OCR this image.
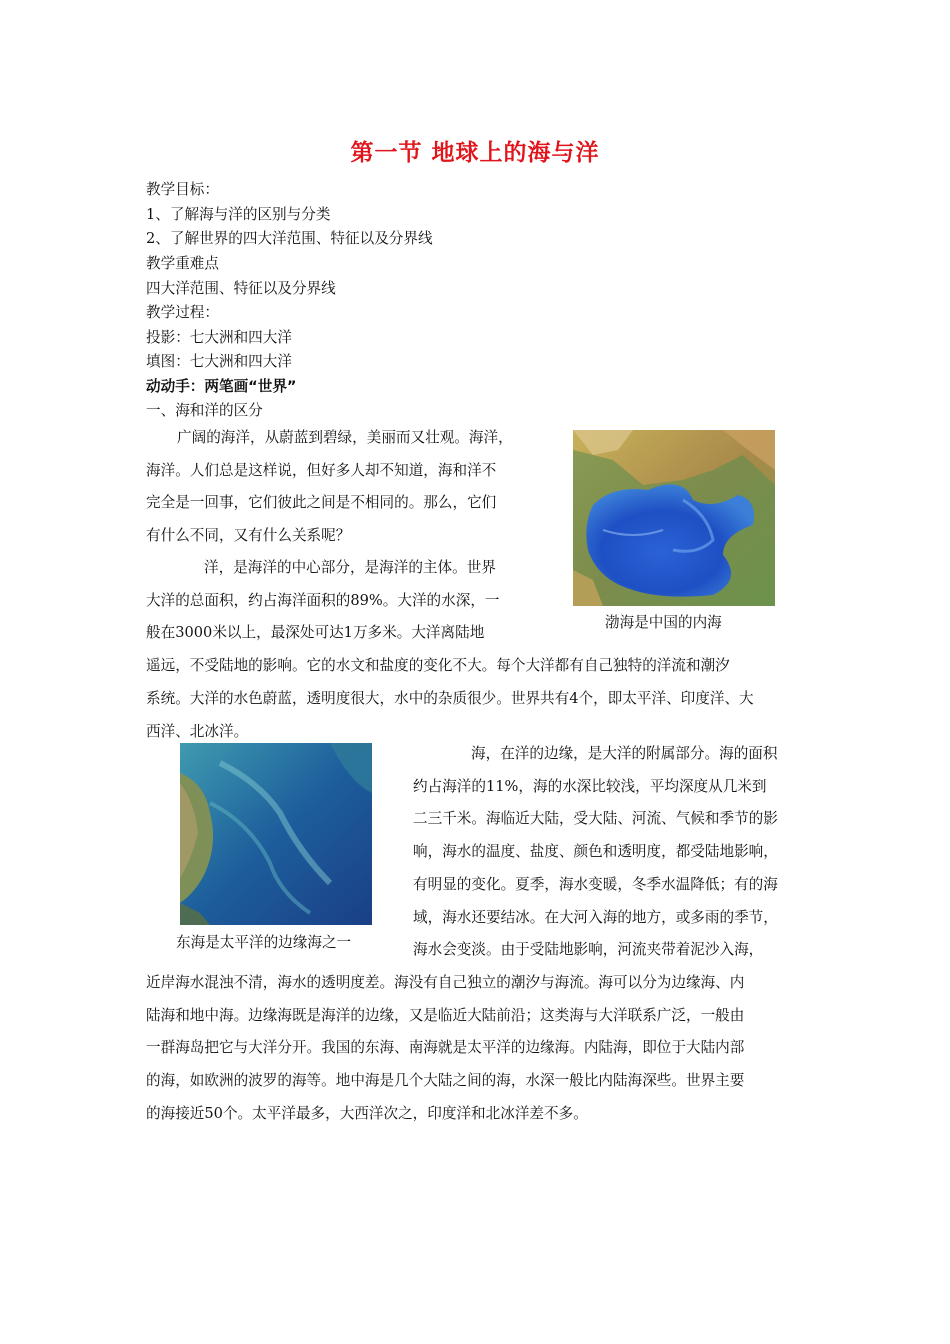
第一节 地球上的海与洋
教学目标：
1、了解海与洋的区别与分类
2、了解世界的四大洋范围、特征以及分界线
教学重难点
四大洋范围、特征以及分界线
教学过程：
投影：七大洲和四大洋
填图：七大洲和四大洋
动动手：两笔画“世界”
一、海和洋的区分
广阔的海洋，从蔚蓝到碧绿，美丽而又壮观。海洋，
海洋。人们总是这样说，但好多人却不知道，海和洋不
完全是一回事，它们彼此之间是不相同的。那么，它们
有什么不同，又有什么关系呢？
洋，是海洋的中心部分，是海洋的主体。世界
大洋的总面积，约占海洋面积的89%。大洋的水深，一
般在3000米以上，最深处可达1万多米。大洋离陆地
遥远，不受陆地的影响。它的水文和盐度的变化不大。每个大洋都有自己独特的洋流和潮汐
系统。大洋的水色蔚蓝，透明度很大，水中的杂质很少。世界共有4个，即太平洋、印度洋、大
西洋、北冰洋。
渤海是中国的内海
东海是太平洋的边缘海之一
海，在洋的边缘，是大洋的附属部分。海的面积
约占海洋的11%，海的水深比较浅，平均深度从几米到
二三千米。海临近大陆，受大陆、河流、气候和季节的影
响，海水的温度、盐度、颜色和透明度，都受陆地影响，
有明显的变化。夏季，海水变暖，冬季水温降低；有的海
域，海水还要结冰。在大河入海的地方，或多雨的季节，
海水会变淡。由于受陆地影响，河流夹带着泥沙入海，
近岸海水混浊不清，海水的透明度差。海没有自己独立的潮汐与海流。海可以分为边缘海、内
陆海和地中海。边缘海既是海洋的边缘，又是临近大陆前沿；这类海与大洋联系广泛，一般由
一群海岛把它与大洋分开。我国的东海、南海就是太平洋的边缘海。内陆海，即位于大陆内部
的海，如欧洲的波罗的海等。地中海是几个大陆之间的海，水深一般比内陆海深些。世界主要
的海接近50个。太平洋最多，大西洋次之，印度洋和北冰洋差不多。
